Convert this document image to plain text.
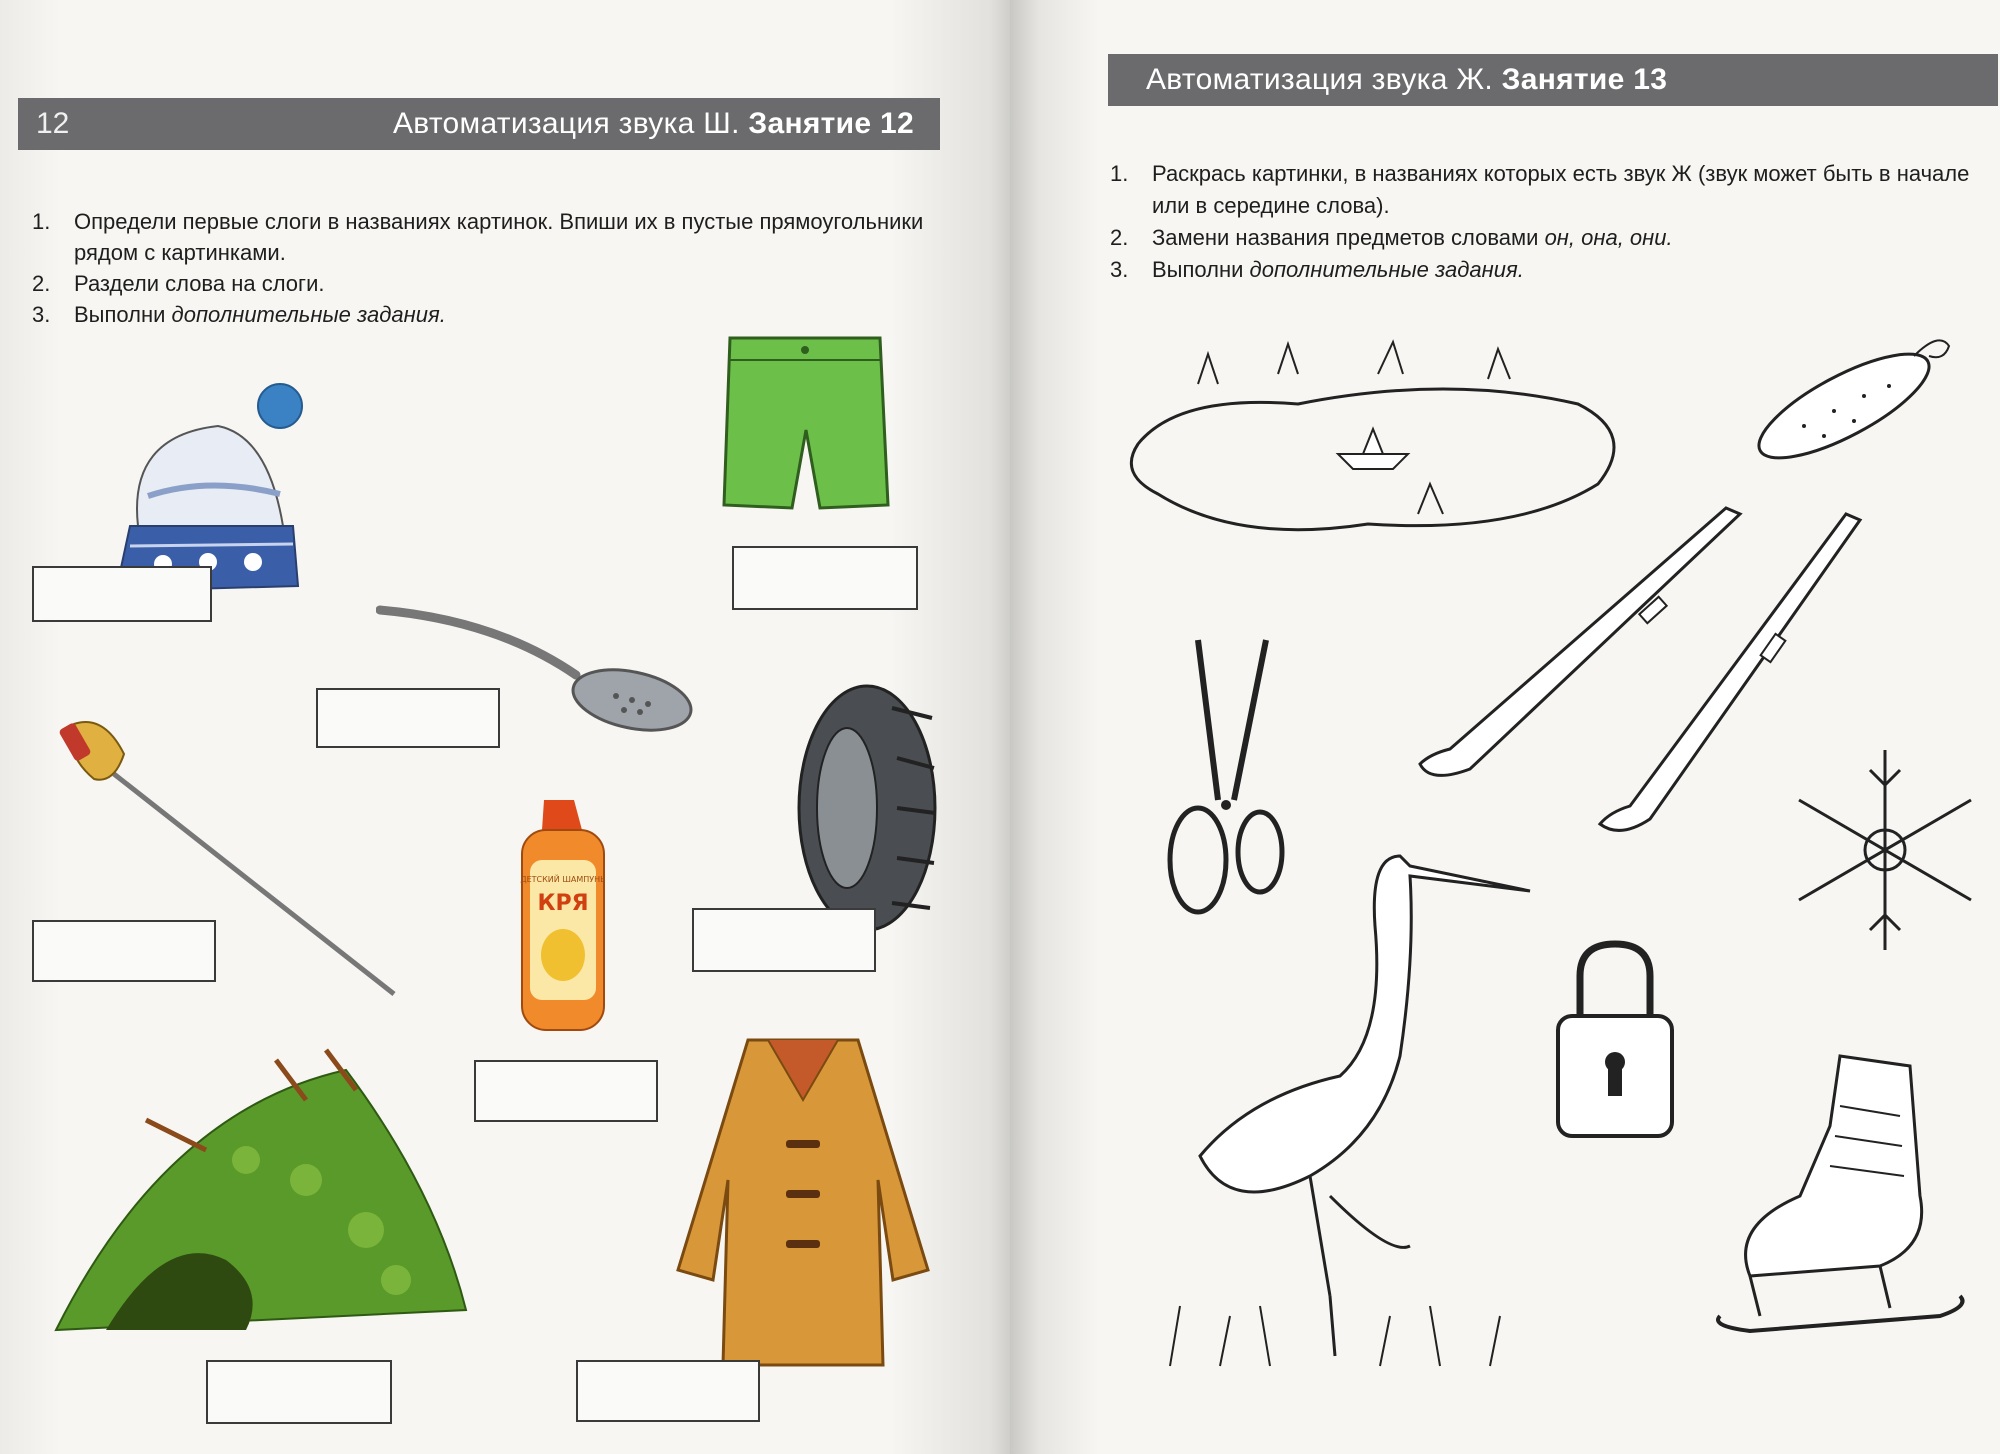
12	Автоматизация звука Ш. Занятие 12
1.	Определи первые слоги в названиях картинок. Впиши их в пустые прямоугольники рядом с картинками.
2.	Раздели слова на слоги.
3.	Выполни дополнительные задания.
ДЕТСКИЙ ШАМПУНЬ
КРЯ
Автоматизация звука Ж. Занятие 13
1.	Раскрась картинки, в названиях которых есть звук Ж (звук может быть в начале или в середине слова).
2.	Замени названия предметов словами он, она, они.
3.	Выполни дополнительные задания.
